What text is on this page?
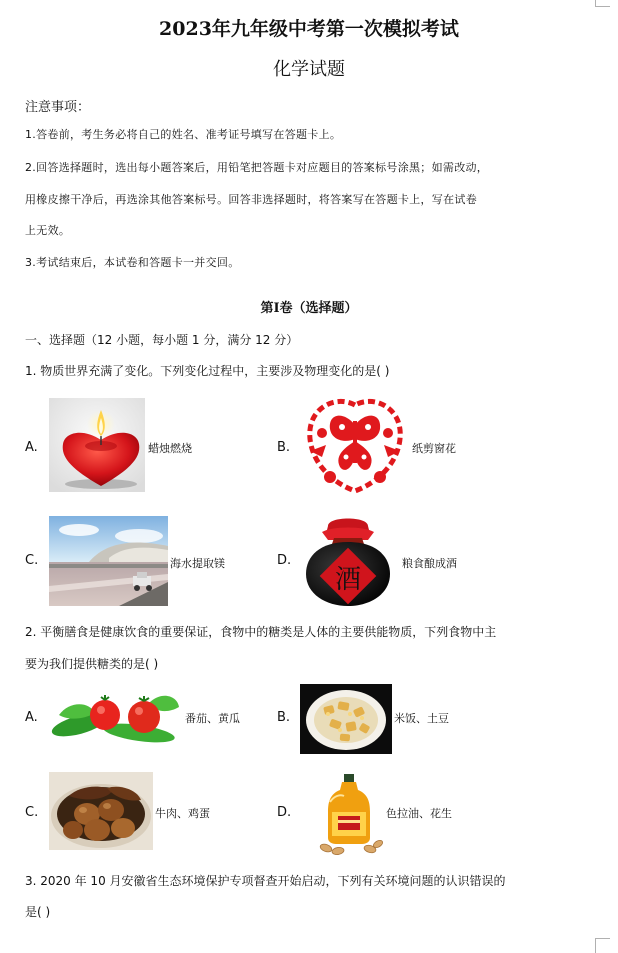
2023年九年级中考第一次模拟考试
化学试题
注意事项：
1.答卷前，考生务必将自己的姓名、准考证号填写在答题卡上。
2.回答选择题时，选出每小题答案后，用铅笔把答题卡对应题目的答案标号涂黑；如需改动，
用橡皮擦干净后，再选涂其他答案标号。回答非选择题时，将答案写在答题卡上，写在试卷
上无效。
3.考试结束后，本试卷和答题卡一并交回。
第Ⅰ卷（选择题）
一、选择题（12 小题，每小题 1 分，满分 12 分）
1. 物质世界充满了变化。下列变化过程中，主要涉及物理变化的是( )
A.	蜡烛燃烧	B.	纸剪窗花
C.	海水提取镁	D.
酒
粮食酿成酒
2. 平衡膳食是健康饮食的重要保证，食物中的糖类是人体的主要供能物质，下列食物中主
要为我们提供糖类的是( )
A.	番茄、黄瓜	B.	米饭、土豆
C.	牛肉、鸡蛋	D.	色拉油、花生
3. 2020 年 10 月安徽省生态环境保护专项督查开始启动，下列有关环境问题的认识错误的
是( )
